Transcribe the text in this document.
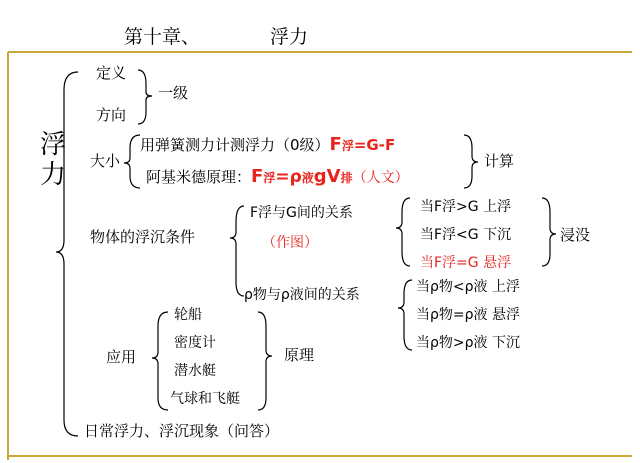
第十章、	浮力
浮力
定义
方向
一级
大小
用弹簧测力计测浮力（0级）F浮=G-F
阿基米德原理：F浮=ρ液gV排（人文）
计算
物体的浮沉条件
F浮与G间的关系
（作图）
当F浮>G 上浮
当F浮<G 下沉
当F浮=G 悬浮
浸没
ρ物与ρ液间的关系	当ρ物<ρ液 上浮
当ρ物=ρ液 悬浮
当ρ物>ρ液 下沉
应用
轮船
密度计
潜水艇
气球和飞艇
原理
日常浮力、浮沉现象（问答）
